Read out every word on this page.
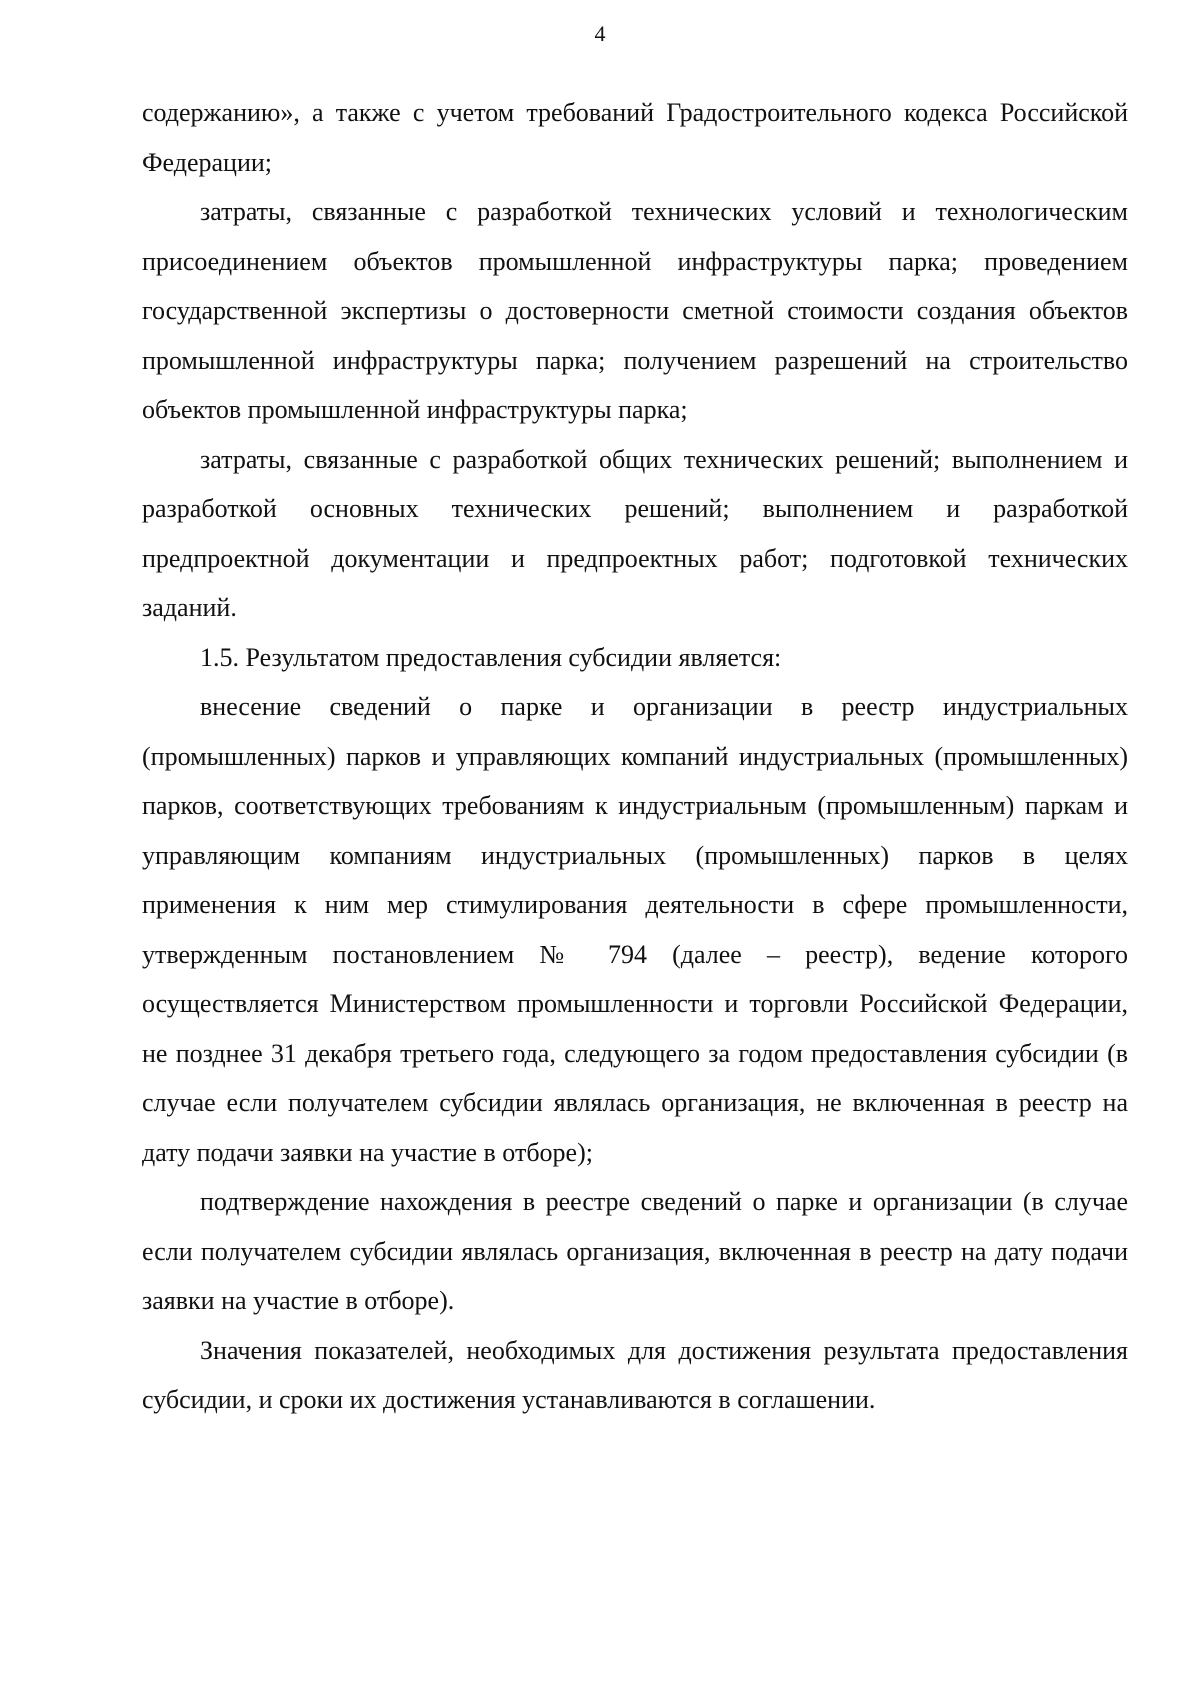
4

содержанию», а также с учетом требований Градостроительного кодекса Российской Федерации;

затраты, связанные с разработкой технических условий и технологическим присоединением объектов промышленной инфраструктуры парка; проведением государственной экспертизы о достоверности сметной стоимости создания объектов промышленной инфраструктуры парка; получением разрешений на строительство объектов промышленной инфраструктуры парка;

затраты, связанные с разработкой общих технических решений; выполнением и разработкой основных технических решений; выполнением и разработкой предпроектной документации и предпроектных работ; подготовкой технических заданий.

1.5. Результатом предоставления субсидии является:

внесение сведений о парке и организации в реестр индустриальных (промышленных) парков и управляющих компаний индустриальных (промышленных) парков, соответствующих требованиям к индустриальным (промышленным) паркам и управляющим компаниям индустриальных (промышленных) парков в целях применения к ним мер стимулирования деятельности в сфере промышленности, утвержденным постановлением № 794 (далее – реестр), ведение которого осуществляется Министерством промышленности и торговли Российской Федерации, не позднее 31 декабря третьего года, следующего за годом предоставления субсидии (в случае если получателем субсидии являлась организация, не включенная в реестр на дату подачи заявки на участие в отборе);

подтверждение нахождения в реестре сведений о парке и организации (в случае если получателем субсидии являлась организация, включенная в реестр на дату подачи заявки на участие в отборе).

Значения показателей, необходимых для достижения результата предоставления субсидии, и сроки их достижения устанавливаются в соглашении.
